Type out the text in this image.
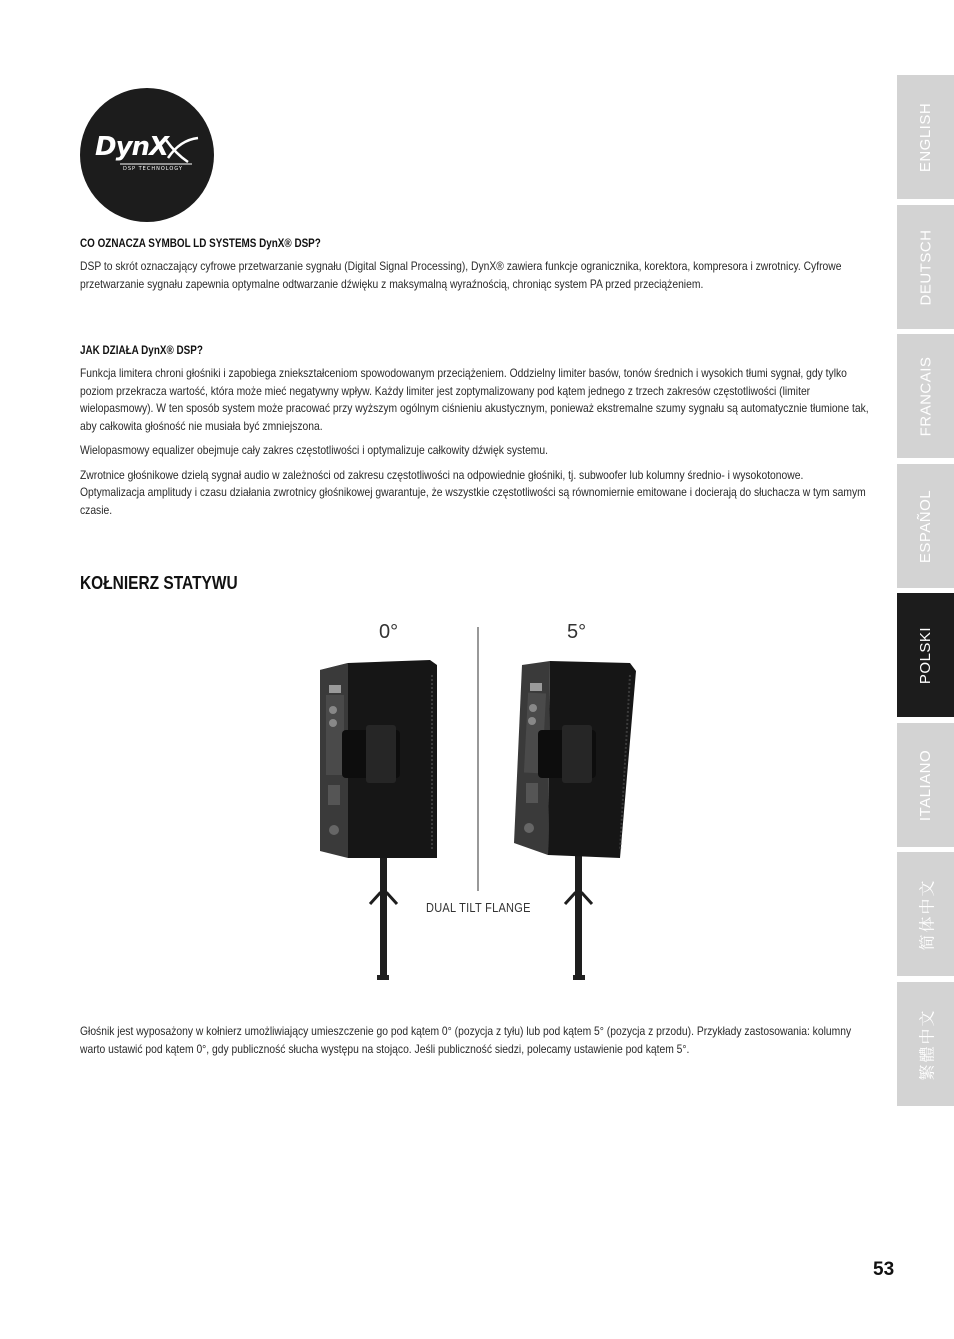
DynX
DSP TECHNOLOGY
CO OZNACZA SYMBOL LD SYSTEMS DynX® DSP?

DSP to skrót oznaczający cyfrowe przetwarzanie sygnału (Digital Signal Processing), DynX® zawiera funkcje ogranicznika, korektora, kompresora i zwrotnicy. Cyfrowe przetwarzanie sygnału zapewnia optymalne odtwarzanie dźwięku z maksymalną wyraźnością, chroniąc system PA przed przeciążeniem.

JAK DZIAŁA DynX® DSP?

Funkcja limitera chroni głośniki i zapobiega zniekształceniom spowodowanym przeciążeniem. Oddzielny limiter basów, tonów średnich i wysokich tłumi sygnał, gdy tylko poziom przekracza wartość, która może mieć negatywny wpływ. Każdy limiter jest zoptymalizowany pod kątem jednego z trzech zakresów częstotliwości (limiter wielopasmowy). W ten sposób system może pracować przy wyższym ogólnym ciśnieniu akustycznym, ponieważ ekstremalne szumy sygnału są automatycznie tłumione tak, aby całkowita głośność nie musiała być zmniejszona.

Wielopasmowy equalizer obejmuje cały zakres częstotliwości i optymalizuje całkowity dźwięk systemu.

Zwrotnice głośnikowe dzielą sygnał audio w zależności od zakresu częstotliwości na odpowiednie głośniki, tj. subwoofer lub kolumny średnio- i wysokotonowe. Optymalizacja amplitudy i czasu działania zwrotnicy głośnikowej gwarantuje, że wszystkie częstotliwości są równomiernie emitowane i docierają do słuchacza w tym samym czasie.

KOŁNIERZ STATYWU
0°	5°
DUAL TILT FLANGE

Głośnik jest wyposażony w kołnierz umożliwiający umieszczenie go pod kątem 0° (pozycja z tyłu) lub pod kątem 5° (pozycja z przodu). Przykłady zastosowania: kolumny warto ustawić pod kątem 0°, gdy publiczność słucha występu na stojąco. Jeśli publiczność siedzi, polecamy ustawienie pod kątem 5°.

ENGLISH
DEUTSCH
FRANCAIS
ESPAÑOL
POLSKI
ITALIANO
简体中文
繁體中文
53
